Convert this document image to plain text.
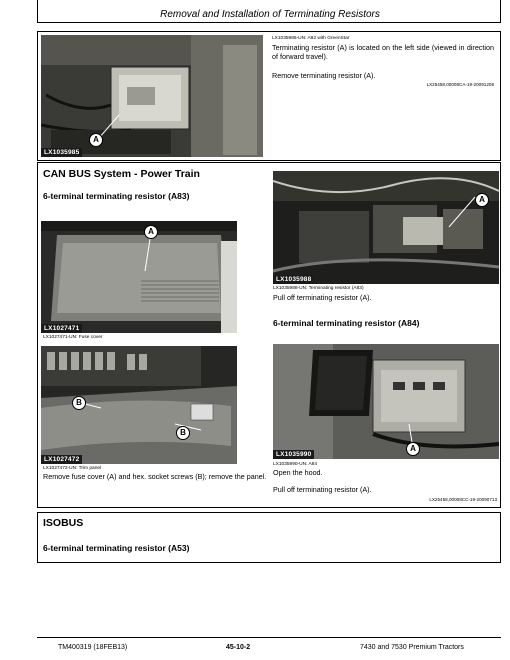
Removal and Installation of Terminating Resistors
A
LX1035985
LX1035985-UN: A82 with GreenStar
Terminating resistor (A) is located on the left side (viewed in direction of forward travel).
Remove terminating resistor (A).
LX25458,00008CA-19-20091208
CAN BUS System - Power Train
6-terminal terminating resistor (A83)
A
LX1027471
LX1027471-UN: Fuse cover
B
B
LX1027472
LX1027472-UN: Trim panel
Remove fuse cover (A) and hex. socket screws (B); remove the panel.
A
LX1035988
LX1035988-UN: Terminating resistor (A83)
Pull off terminating resistor (A).
6-terminal terminating resistor (A84)
A
LX1035990
LX1035990-UN: A84
Open the hood.
Pull off terminating resistor (A).
LX25458,00008CC-19-20090713
ISOBUS
6-terminal terminating resistor (A53)
TM400319 (18FEB13)	45-10-2	7430 and 7530 Premium Tractors
